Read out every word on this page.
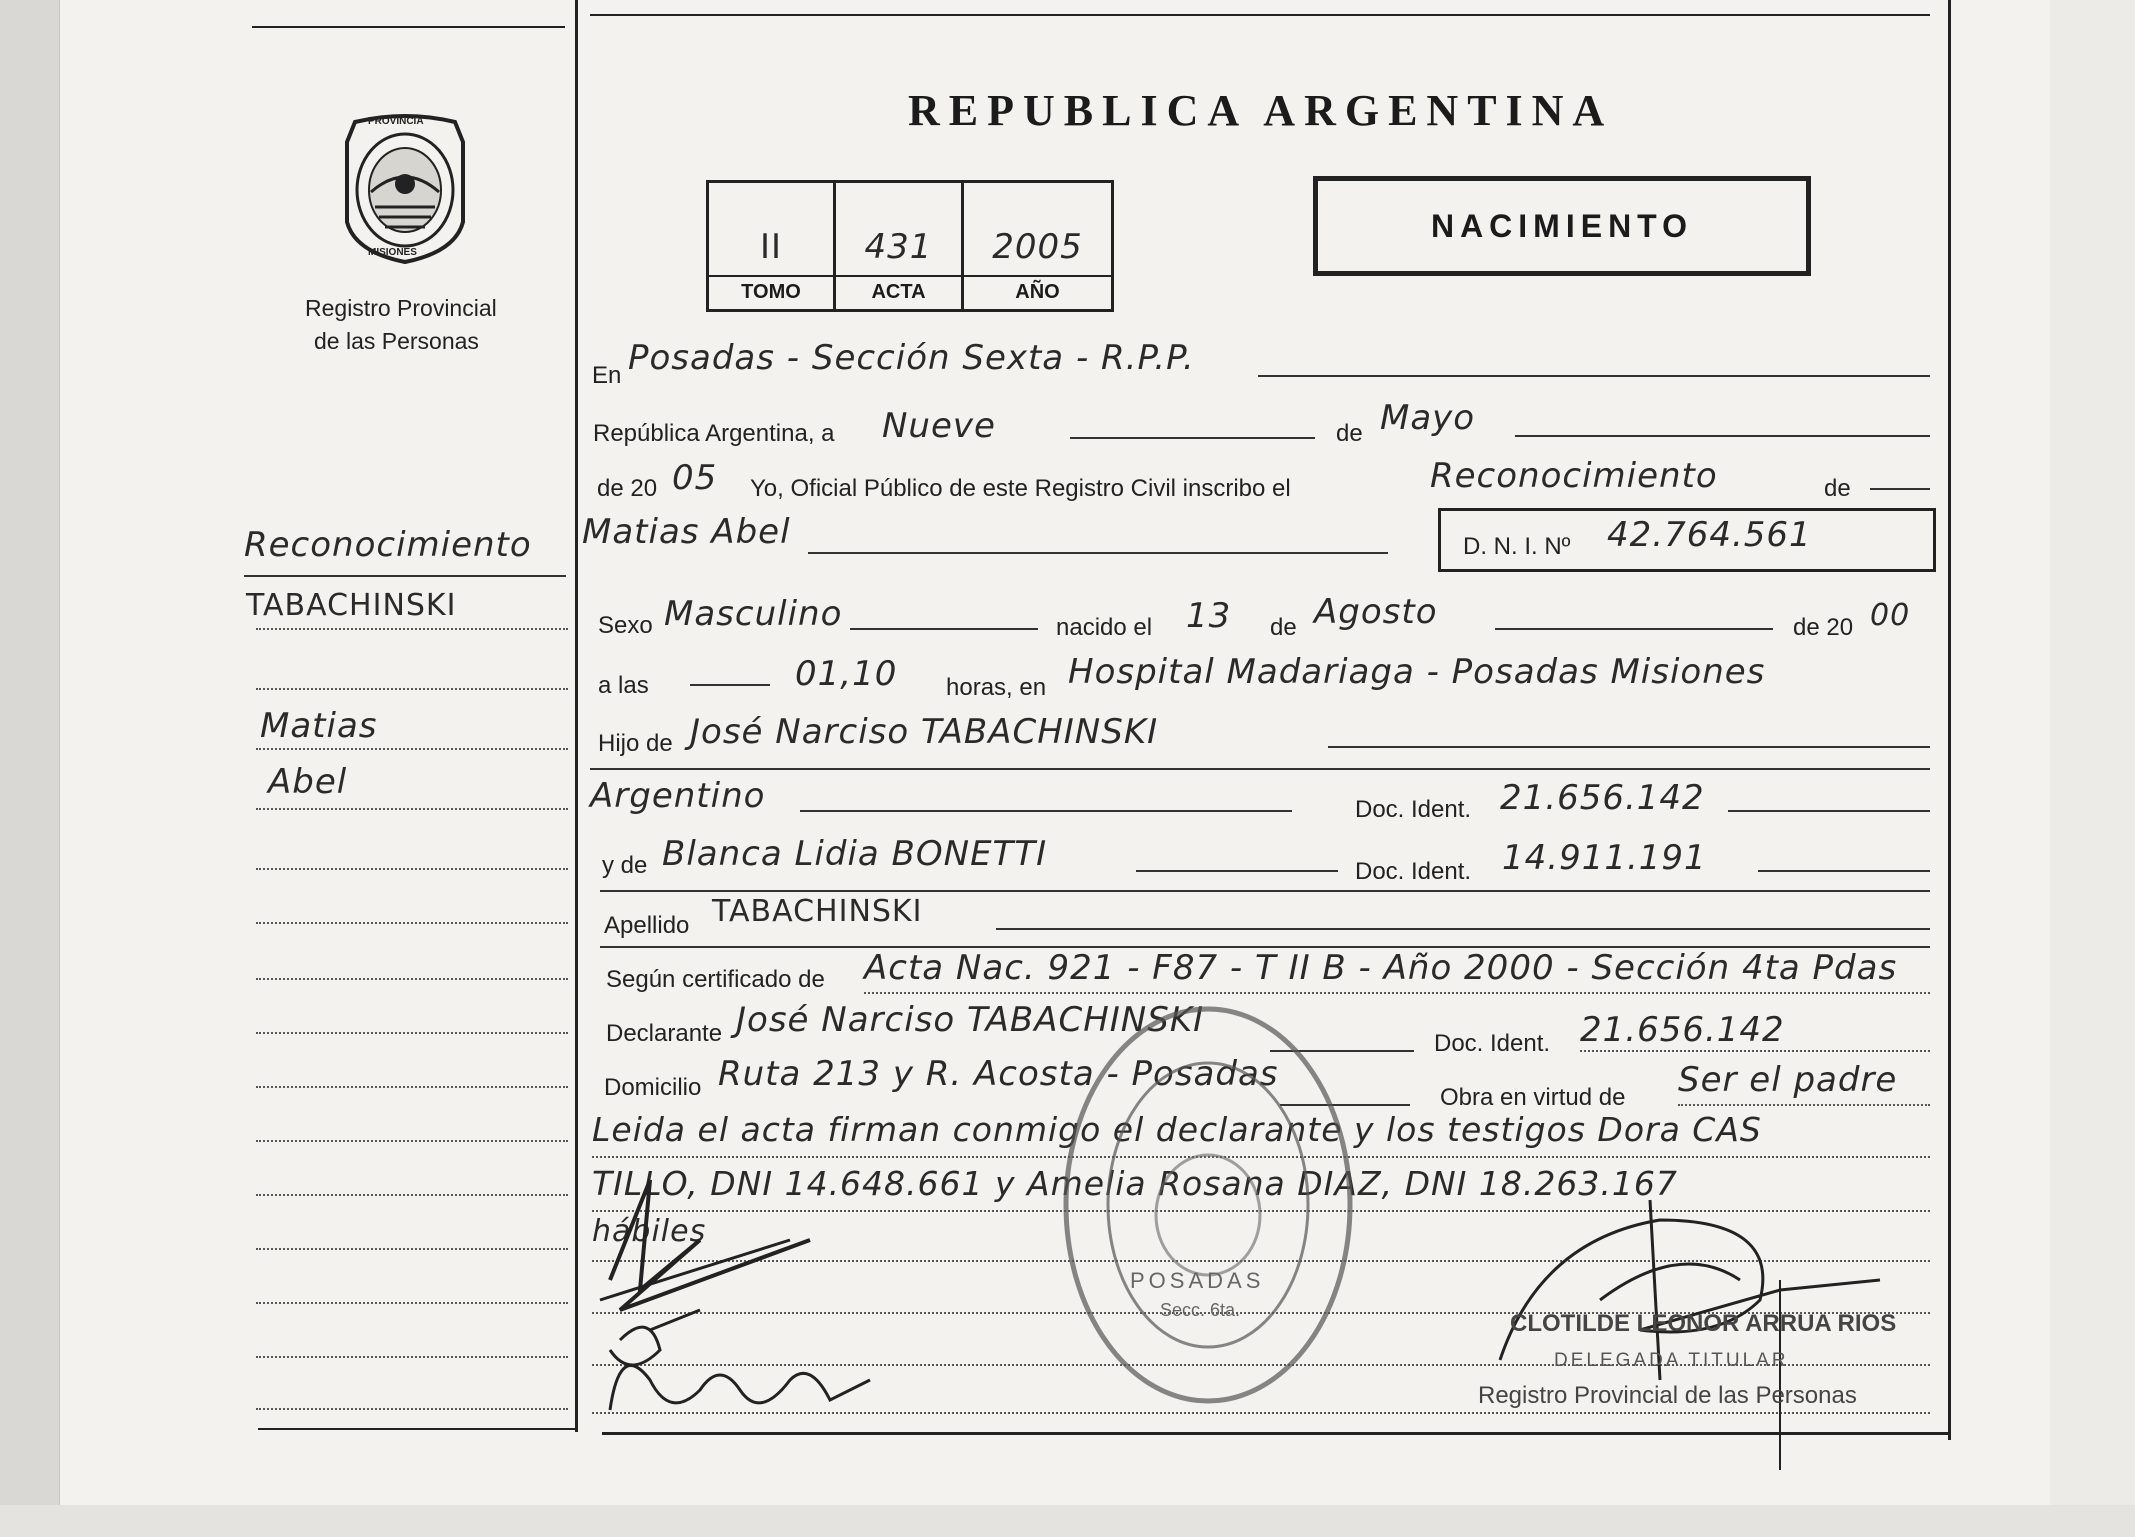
PROVINCIA
MISIONES
Registro Provincial
de las Personas
Reconocimiento
TABACHINSKI
Matias
Abel
REPUBLICA ARGENTINA
II	431	2005
TOMO	ACTA	AÑO
NACIMIENTO
En Posadas - Sección Sexta - R.P.P.
República Argentina, a Nueve	de Mayo
de 20 05 Yo, Oficial Público de este Registro Civil inscribo el	Reconocimiento	de
Matias Abel	D. N. I. Nº 42.764.561
Sexo Masculino	nacido el 13 de Agosto	de 20 00
a las	01,10 horas, en Hospital Madariaga - Posadas Misiones
Hijo de José Narciso TABACHINSKI
Argentino	Doc. Ident. 21.656.142
y de Blanca Lidia BONETTI	Doc. Ident. 14.911.191
Apellido TABACHINSKI
Según certificado de Acta Nac. 921 - F87 - T II B - Año 2000 - Sección 4ta Pdas
Declarante José Narciso TABACHINSKI
Doc. Ident. 21.656.142
Domicilio Ruta 213 y R. Acosta - Posadas
Obra en virtud de Ser el padre
Leida el acta firman conmigo el declarante y los testigos Dora CAS
TILLO, DNI 14.648.661 y Amelia Rosana DIAZ, DNI 18.263.167
hábiles
POSADAS
Secc. 6ta.	CLOTILDE LEONOR ARRUA RIOS
DELEGADA TITULAR
Registro Provincial de las Personas
